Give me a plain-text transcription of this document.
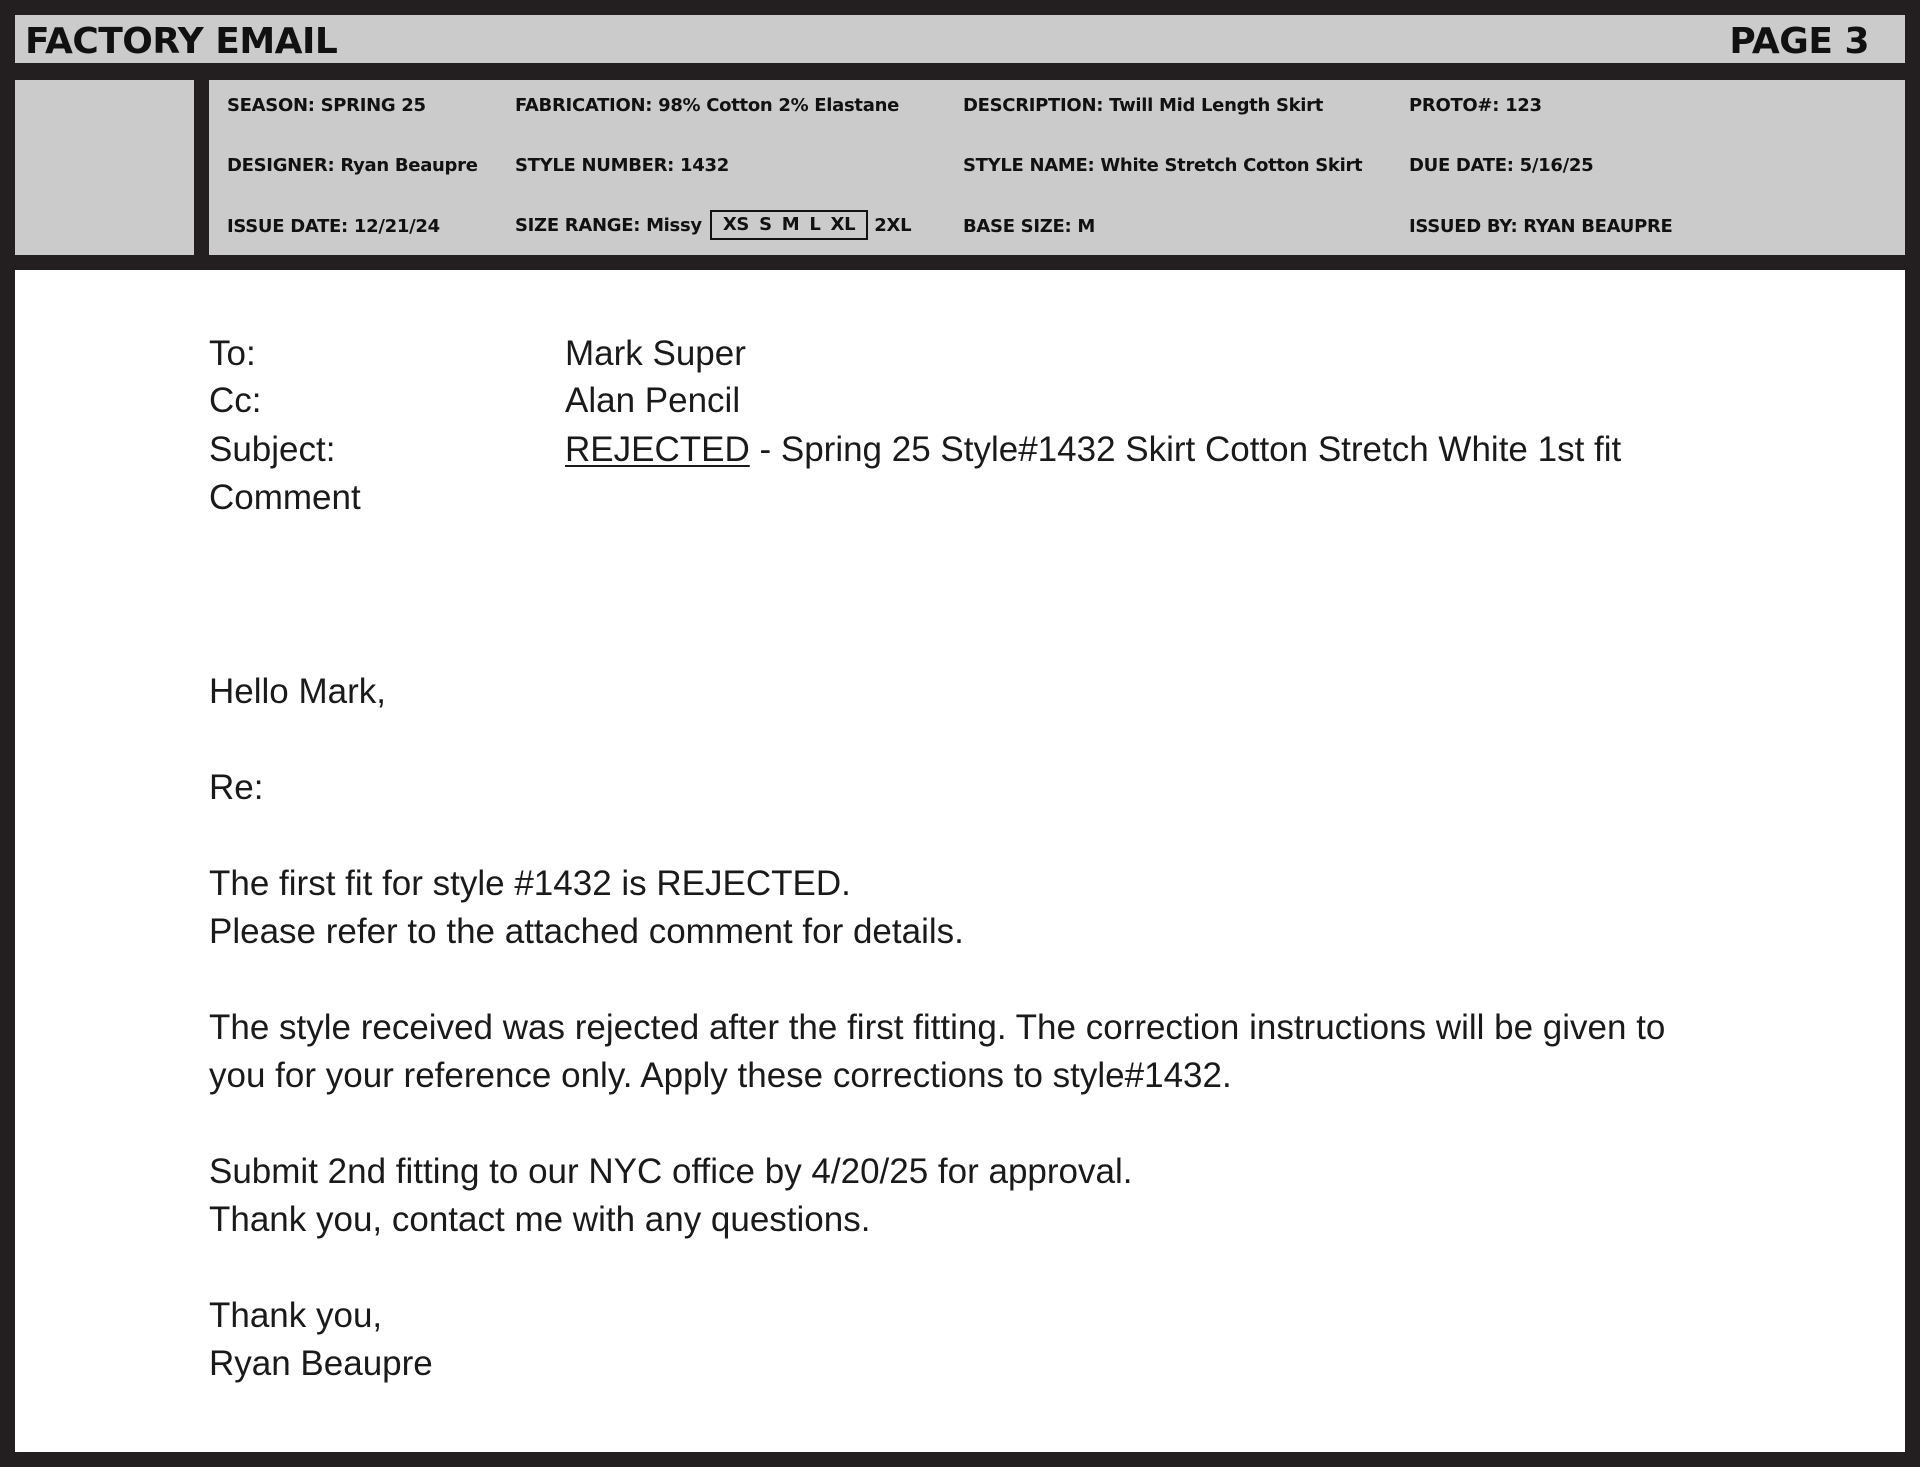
FACTORY EMAIL	PAGE 3
SEASON: SPRING 25	FABRICATION: 98% Cotton 2% Elastane	DESCRIPTION: Twill Mid Length Skirt	PROTO#: 123
DESIGNER: Ryan Beaupre STYLE NUMBER: 1432	STYLE NAME: White Stretch Cotton Skirt	DUE DATE: 5/16/25
ISSUE DATE: 12/21/24	SIZE RANGE: Missy	XS S M L XL	2XL	BASE SIZE: M	ISSUED BY: RYAN BEAUPRE
To:	Mark Super
Cc:	Alan Pencil
Subject:	REJECTED - Spring 25 Style#1432 Skirt Cotton Stretch White 1st fit
Comment
Hello Mark,
Re:
The first fit for style #1432 is REJECTED.
Please refer to the attached comment for details.
The style received was rejected after the first fitting. The correction instructions will be given to
you for your reference only. Apply these corrections to style#1432.
Submit 2nd fitting to our NYC office by 4/20/25 for approval.
Thank you, contact me with any questions.
Thank you,
Ryan Beaupre
